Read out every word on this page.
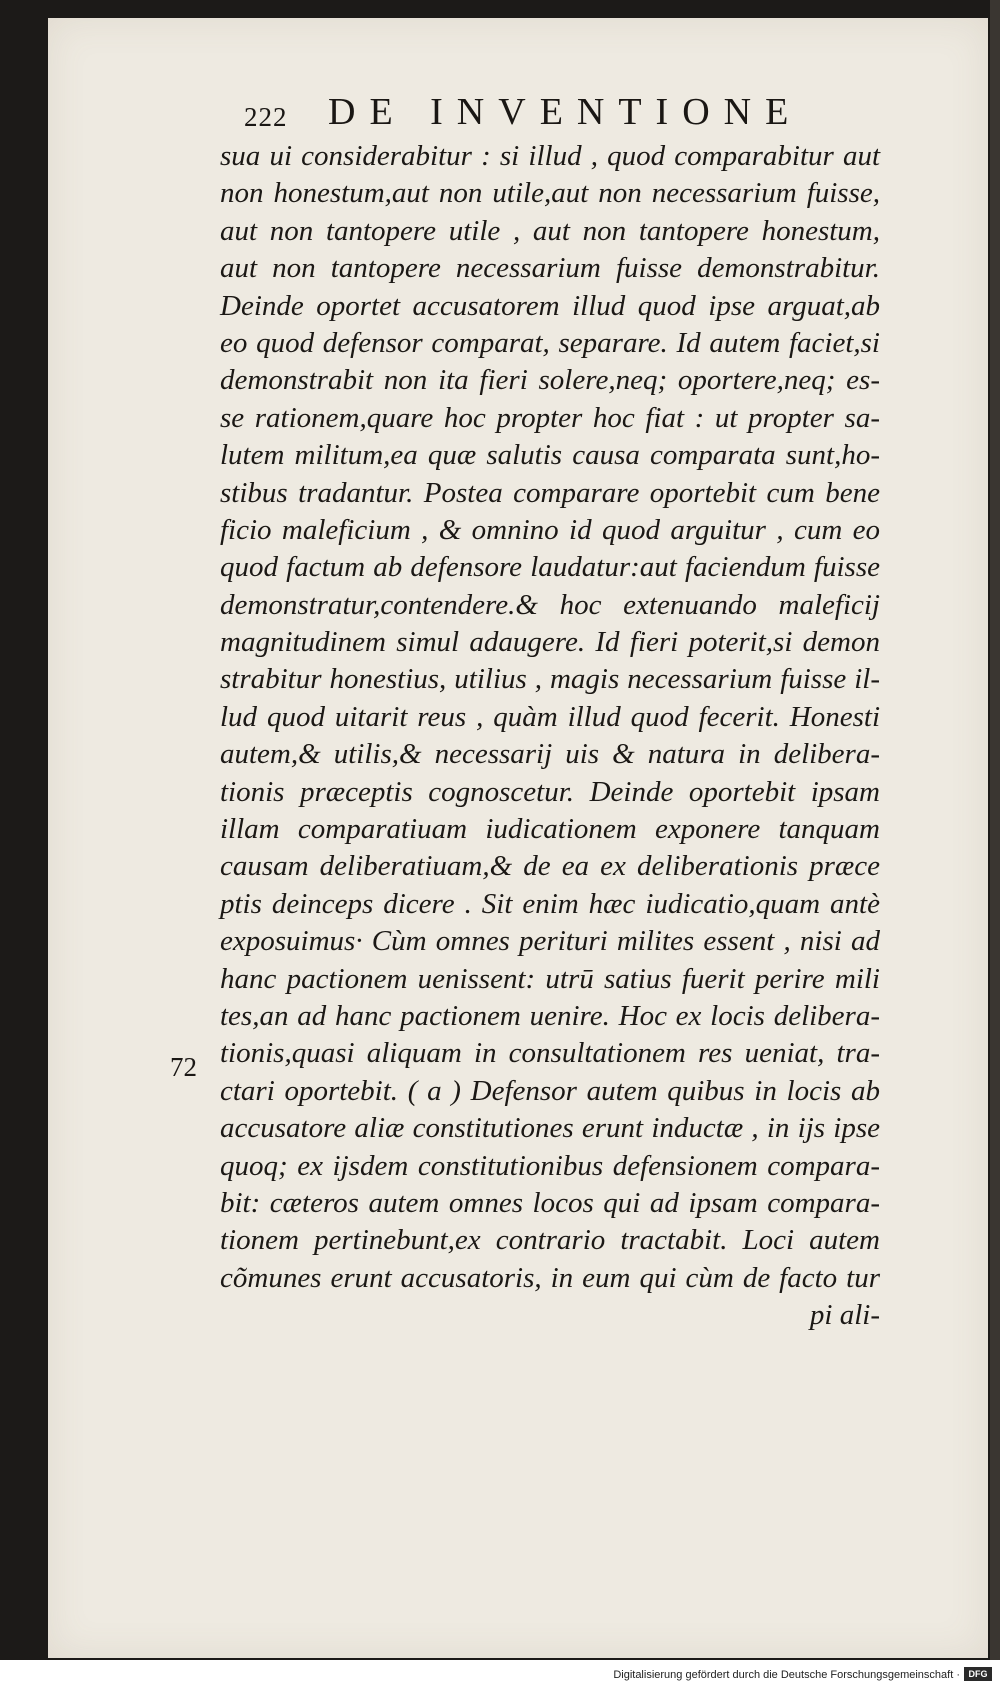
222 DE INVENTIONE
72
sua ui considerabitur : si illud , quod comparabitur aut
non honestum,aut non utile,aut non necessarium fuisse,
aut non tantopere utile , aut non tantopere honestum,
aut non tantopere necessarium fuisse demonstrabitur.
Deinde oportet accusatorem illud quod ipse arguat,ab
eo quod defensor comparat, separare. Id autem faciet,si
demonstrabit non ita fieri solere,neq; oportere,neq; es-
se rationem,quare hoc propter hoc fiat : ut propter sa-
lutem militum,ea quæ salutis causa comparata sunt,ho-
stibus tradantur. Postea comparare oportebit cum bene
ficio maleficium , & omnino id quod arguitur , cum eo
quod factum ab defensore laudatur:aut faciendum fuisse
demonstratur,contendere.& hoc extenuando maleficij
magnitudinem simul adaugere. Id fieri poterit,si demon
strabitur honestius, utilius , magis necessarium fuisse il-
lud quod uitarit reus , quàm illud quod fecerit. Honesti
autem,& utilis,& necessarij uis & natura in delibera-
tionis præceptis cognoscetur. Deinde oportebit ipsam
illam comparatiuam iudicationem exponere tanquam
causam deliberatiuam,& de ea ex deliberationis præce
ptis deinceps dicere . Sit enim hæc iudicatio,quam antè
exposuimus· Cùm omnes perituri milites essent , nisi ad
hanc pactionem uenissent: utrū satius fuerit perire mili
tes,an ad hanc pactionem uenire. Hoc ex locis delibera-
tionis,quasi aliquam in consultationem res ueniat, tra-
ctari oportebit. ( a ) Defensor autem quibus in locis ab
accusatore aliæ constitutiones erunt inductæ , in ijs ipse
quoq; ex ijsdem constitutionibus defensionem compara-
bit: cæteros autem omnes locos qui ad ipsam compara-
tionem pertinebunt,ex contrario tractabit. Loci autem
cõmunes erunt accusatoris, in eum qui cùm de facto tur
pi ali-
Digitalisierung gefördert durch die Deutsche Forschungsgemeinschaft · DFG
